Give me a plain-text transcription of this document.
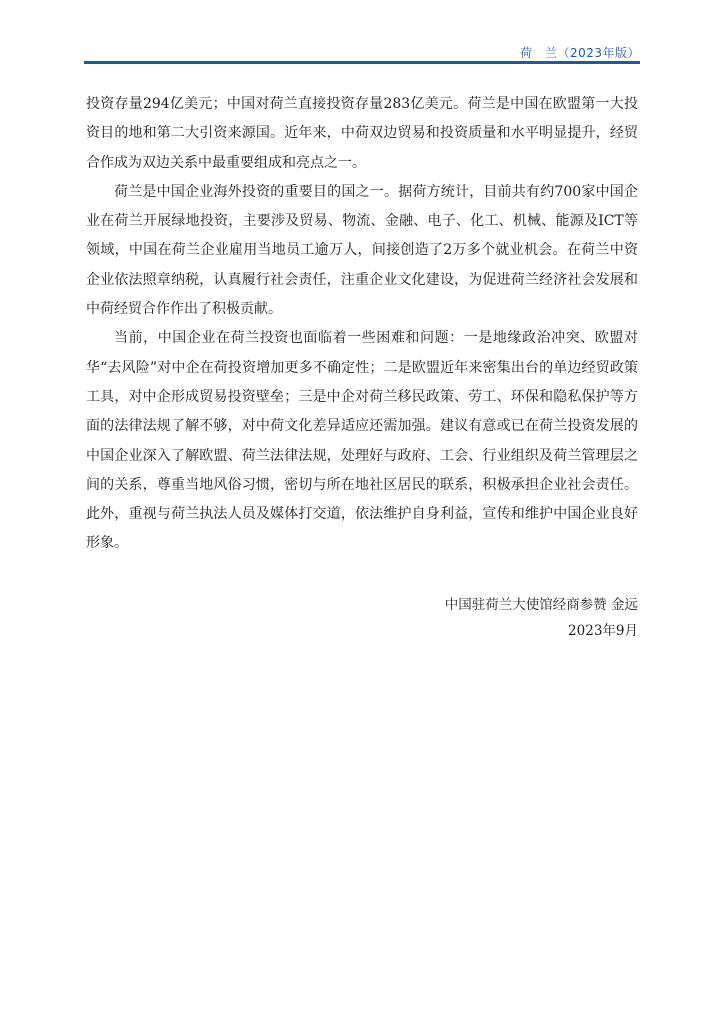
荷　兰（2023年版）

投资存量294亿美元；中国对荷兰直接投资存量283亿美元。荷兰是中国在欧盟第一大投资目的地和第二大引资来源国。近年来，中荷双边贸易和投资质量和水平明显提升，经贸合作成为双边关系中最重要组成和亮点之一。

荷兰是中国企业海外投资的重要目的国之一。据荷方统计，目前共有约700家中国企业在荷兰开展绿地投资，主要涉及贸易、物流、金融、电子、化工、机械、能源及ICT等领域，中国在荷兰企业雇用当地员工逾万人，间接创造了2万多个就业机会。在荷兰中资企业依法照章纳税，认真履行社会责任，注重企业文化建设，为促进荷兰经济社会发展和中荷经贸合作作出了积极贡献。

当前，中国企业在荷兰投资也面临着一些困难和问题：一是地缘政治冲突、欧盟对华“去风险”对中企在荷投资增加更多不确定性；二是欧盟近年来密集出台的单边经贸政策工具，对中企形成贸易投资壁垒；三是中企对荷兰移民政策、劳工、环保和隐私保护等方面的法律法规了解不够，对中荷文化差异适应还需加强。建议有意或已在荷兰投资发展的中国企业深入了解欧盟、荷兰法律法规，处理好与政府、工会、行业组织及荷兰管理层之间的关系，尊重当地风俗习惯，密切与所在地社区居民的联系，积极承担企业社会责任。此外，重视与荷兰执法人员及媒体打交道，依法维护自身利益，宣传和维护中国企业良好形象。

中国驻荷兰大使馆经商参赞 金远
2023年9月
